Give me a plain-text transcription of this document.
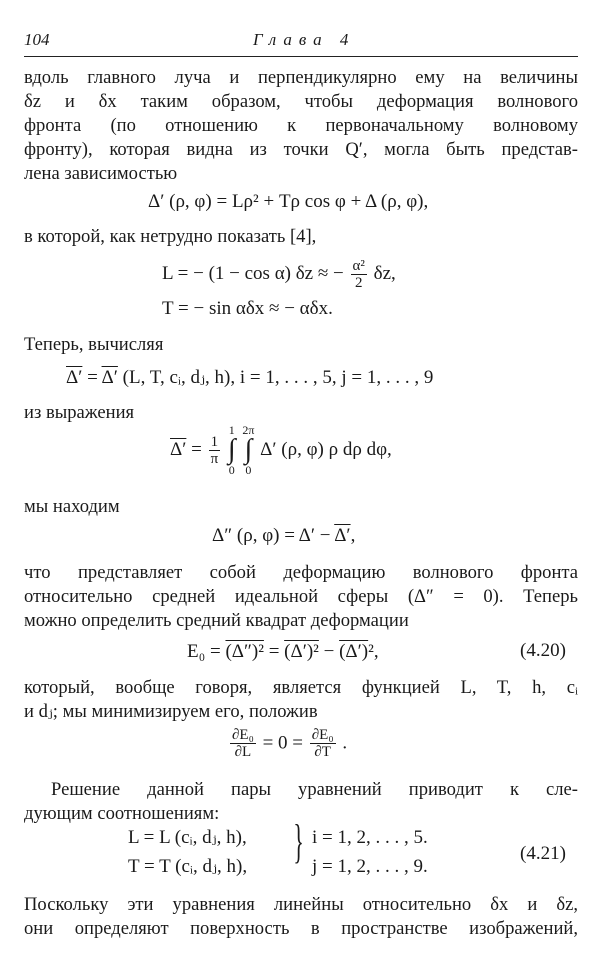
104	Глава 4
вдоль главного луча и перпендикулярно ему на величины
δz и δx таким образом, чтобы деформация волнового
фронта (по отношению к первоначальному волновому
фронту), которая видна из точки Q′, могла быть представ-
лена зависимостью
Δ′ (ρ, φ) = Lρ² + Tρ cos φ + Δ (ρ, φ),
в которой, как нетрудно показать [4],
L = − (1 − cos α) δz ≈ − $\frac{\text{α²}}{2} \delta z$,
T = − sin αδx ≈ − αδx.
Теперь, вычисляя
Δ′ = Δ′ (L, T, cᵢ, dⱼ, h), i = 1, . . . , 5, j = 1, . . . , 9
из выражения
$\Delta' = \frac{1}{\pi}$

1
∫
0

2π
∫
0
Δ′ (ρ, φ) ρ dρ dφ,
мы находим
Δ″ (ρ, φ) = Δ′ − Δ′,
что представляет собой деформацию волнового фронта
относительно средней идеальной сферы (Δ″ = 0). Теперь
можно определить средний квадрат деформации
E₀ = (Δ″)² = (Δ′)² − (Δ′)²,	(4.20)
который, вообще говоря, является функцией L, T, h, cᵢ
и dⱼ; мы минимизируем его, положив
$\frac{\text{∂E₀}}{\partial L} = 0 = \frac{\text{∂E₀}}{\partial T}$ .
Решение данной пары уравнений приводит к сле-
дующим соотношениям:
L = L (cᵢ, dⱼ, h),
T = T (cᵢ, dⱼ, h), } i = 1, 2, . . . , 5.
j = 1, 2, . . . , 9.
(4.21)
Поскольку эти уравнения линейны относительно δx и δz,
они определяют поверхность в пространстве изображений,
